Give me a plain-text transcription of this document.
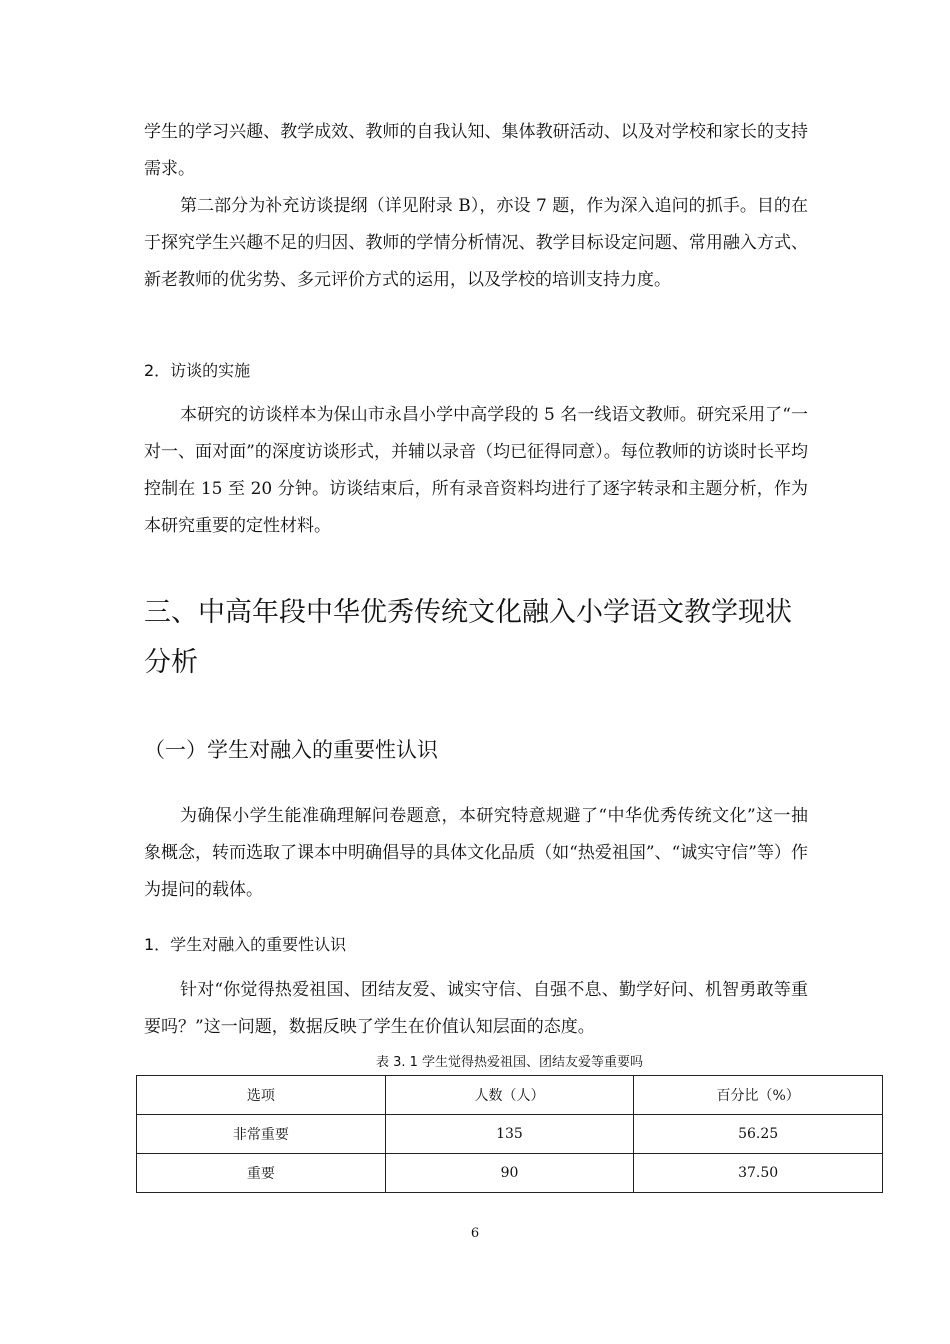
学生的学习兴趣、教学成效、教师的自我认知、集体教研活动、以及对学校和家长的支持需求。

第二部分为补充访谈提纲（详见附录 B），亦设 7 题，作为深入追问的抓手。目的在于探究学生兴趣不足的归因、教师的学情分析情况、教学目标设定问题、常用融入方式、新老教师的优劣势、多元评价方式的运用，以及学校的培训支持力度。

2．访谈的实施

本研究的访谈样本为保山市永昌小学中高学段的 5 名一线语文教师。研究采用了“一对一、面对面”的深度访谈形式，并辅以录音（均已征得同意）。每位教师的访谈时长平均控制在 15 至 20 分钟。访谈结束后，所有录音资料均进行了逐字转录和主题分析，作为本研究重要的定性材料。

三、中高年段中华优秀传统文化融入小学语文教学现状分析
（一）学生对融入的重要性认识

为确保小学生能准确理解问卷题意，本研究特意规避了“中华优秀传统文化”这一抽象概念，转而选取了课本中明确倡导的具体文化品质（如“热爱祖国”、“诚实守信”等）作为提问的载体。

1．学生对融入的重要性认识

针对“你觉得热爱祖国、团结友爱、诚实守信、自强不息、勤学好问、机智勇敢等重要吗？”这一问题，数据反映了学生在价值认知层面的态度。

表 3. 1 学生觉得热爱祖国、团结友爱等重要吗

选项	人数（人）	百分比（%）
非常重要	135	56.25
重要	90	37.50

6
